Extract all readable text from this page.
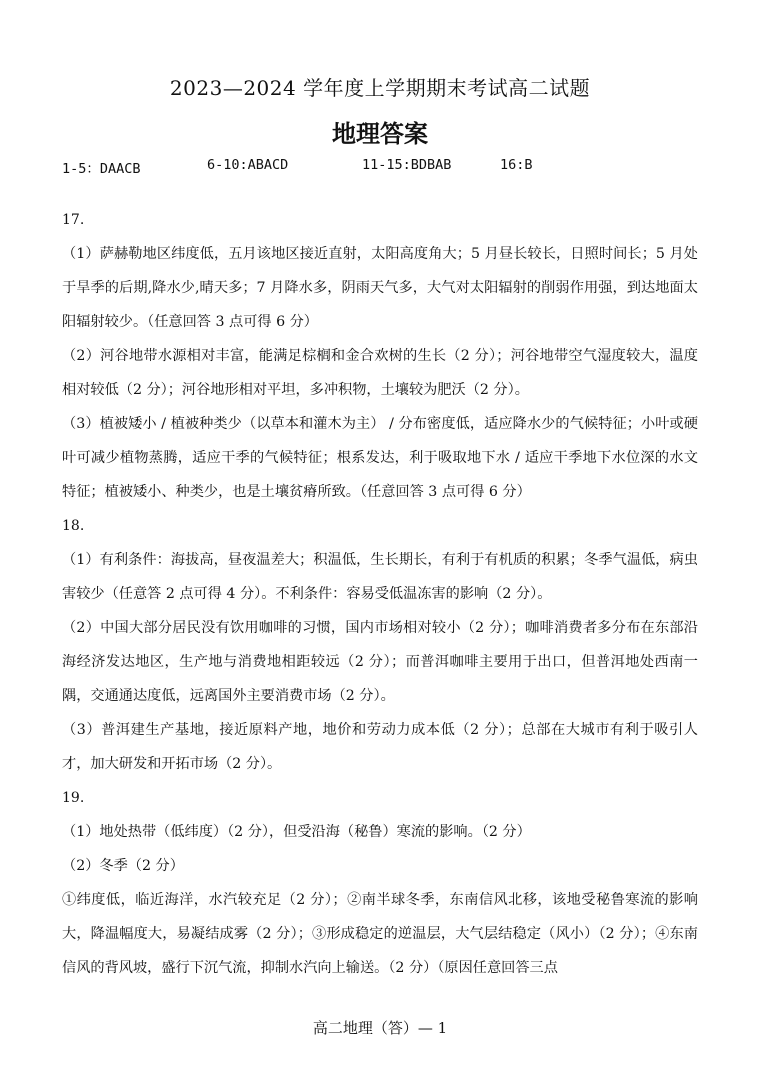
2023—2024 学年度上学期期末考试高二试题
地理答案
1-5：DAACB	6-10:ABACD	11-15:BDBAB	16:B
17.
（1）萨赫勒地区纬度低，五月该地区接近直射，太阳高度角大；5 月昼长较长，日照时间长；5 月处于旱季的后期,降水少,晴天多；7 月降水多，阴雨天气多，大气对太阳辐射的削弱作用强，到达地面太阳辐射较少。（任意回答 3 点可得 6 分）
（2）河谷地带水源相对丰富，能满足棕榈和金合欢树的生长（2 分）；河谷地带空气湿度较大，温度相对较低（2 分）；河谷地形相对平坦，多冲积物，土壤较为肥沃（2 分）。
（3）植被矮小 / 植被种类少（以草本和灌木为主） / 分布密度低，适应降水少的气候特征；小叶或硬叶可减少植物蒸腾，适应干季的气候特征；根系发达，利于吸取地下水 / 适应干季地下水位深的水文特征；植被矮小、种类少，也是土壤贫瘠所致。（任意回答 3 点可得 6 分）
18.
（1）有利条件：海拔高，昼夜温差大；积温低，生长期长，有利于有机质的积累；冬季气温低，病虫害较少（任意答 2 点可得 4 分）。不利条件：容易受低温冻害的影响（2 分）。
（2）中国大部分居民没有饮用咖啡的习惯，国内市场相对较小（2 分）；咖啡消费者多分布在东部沿海经济发达地区，生产地与消费地相距较远（2 分）；而普洱咖啡主要用于出口，但普洱地处西南一隅，交通通达度低，远离国外主要消费市场（2 分）。
（3）普洱建生产基地，接近原料产地，地价和劳动力成本低（2 分）；总部在大城市有利于吸引人才，加大研发和开拓市场（2 分）。
19.
（1）地处热带（低纬度）（2 分），但受沿海（秘鲁）寒流的影响。（2 分）
（2）冬季（2 分）
①纬度低，临近海洋，水汽较充足（2 分）；②南半球冬季，东南信风北移，该地受秘鲁寒流的影响大，降温幅度大，易凝结成雾（2 分）；③形成稳定的逆温层，大气层结稳定（风小）（2 分）；④东南信风的背风坡，盛行下沉气流，抑制水汽向上输送。（2 分）（原因任意回答三点
高二地理（答）— 1
